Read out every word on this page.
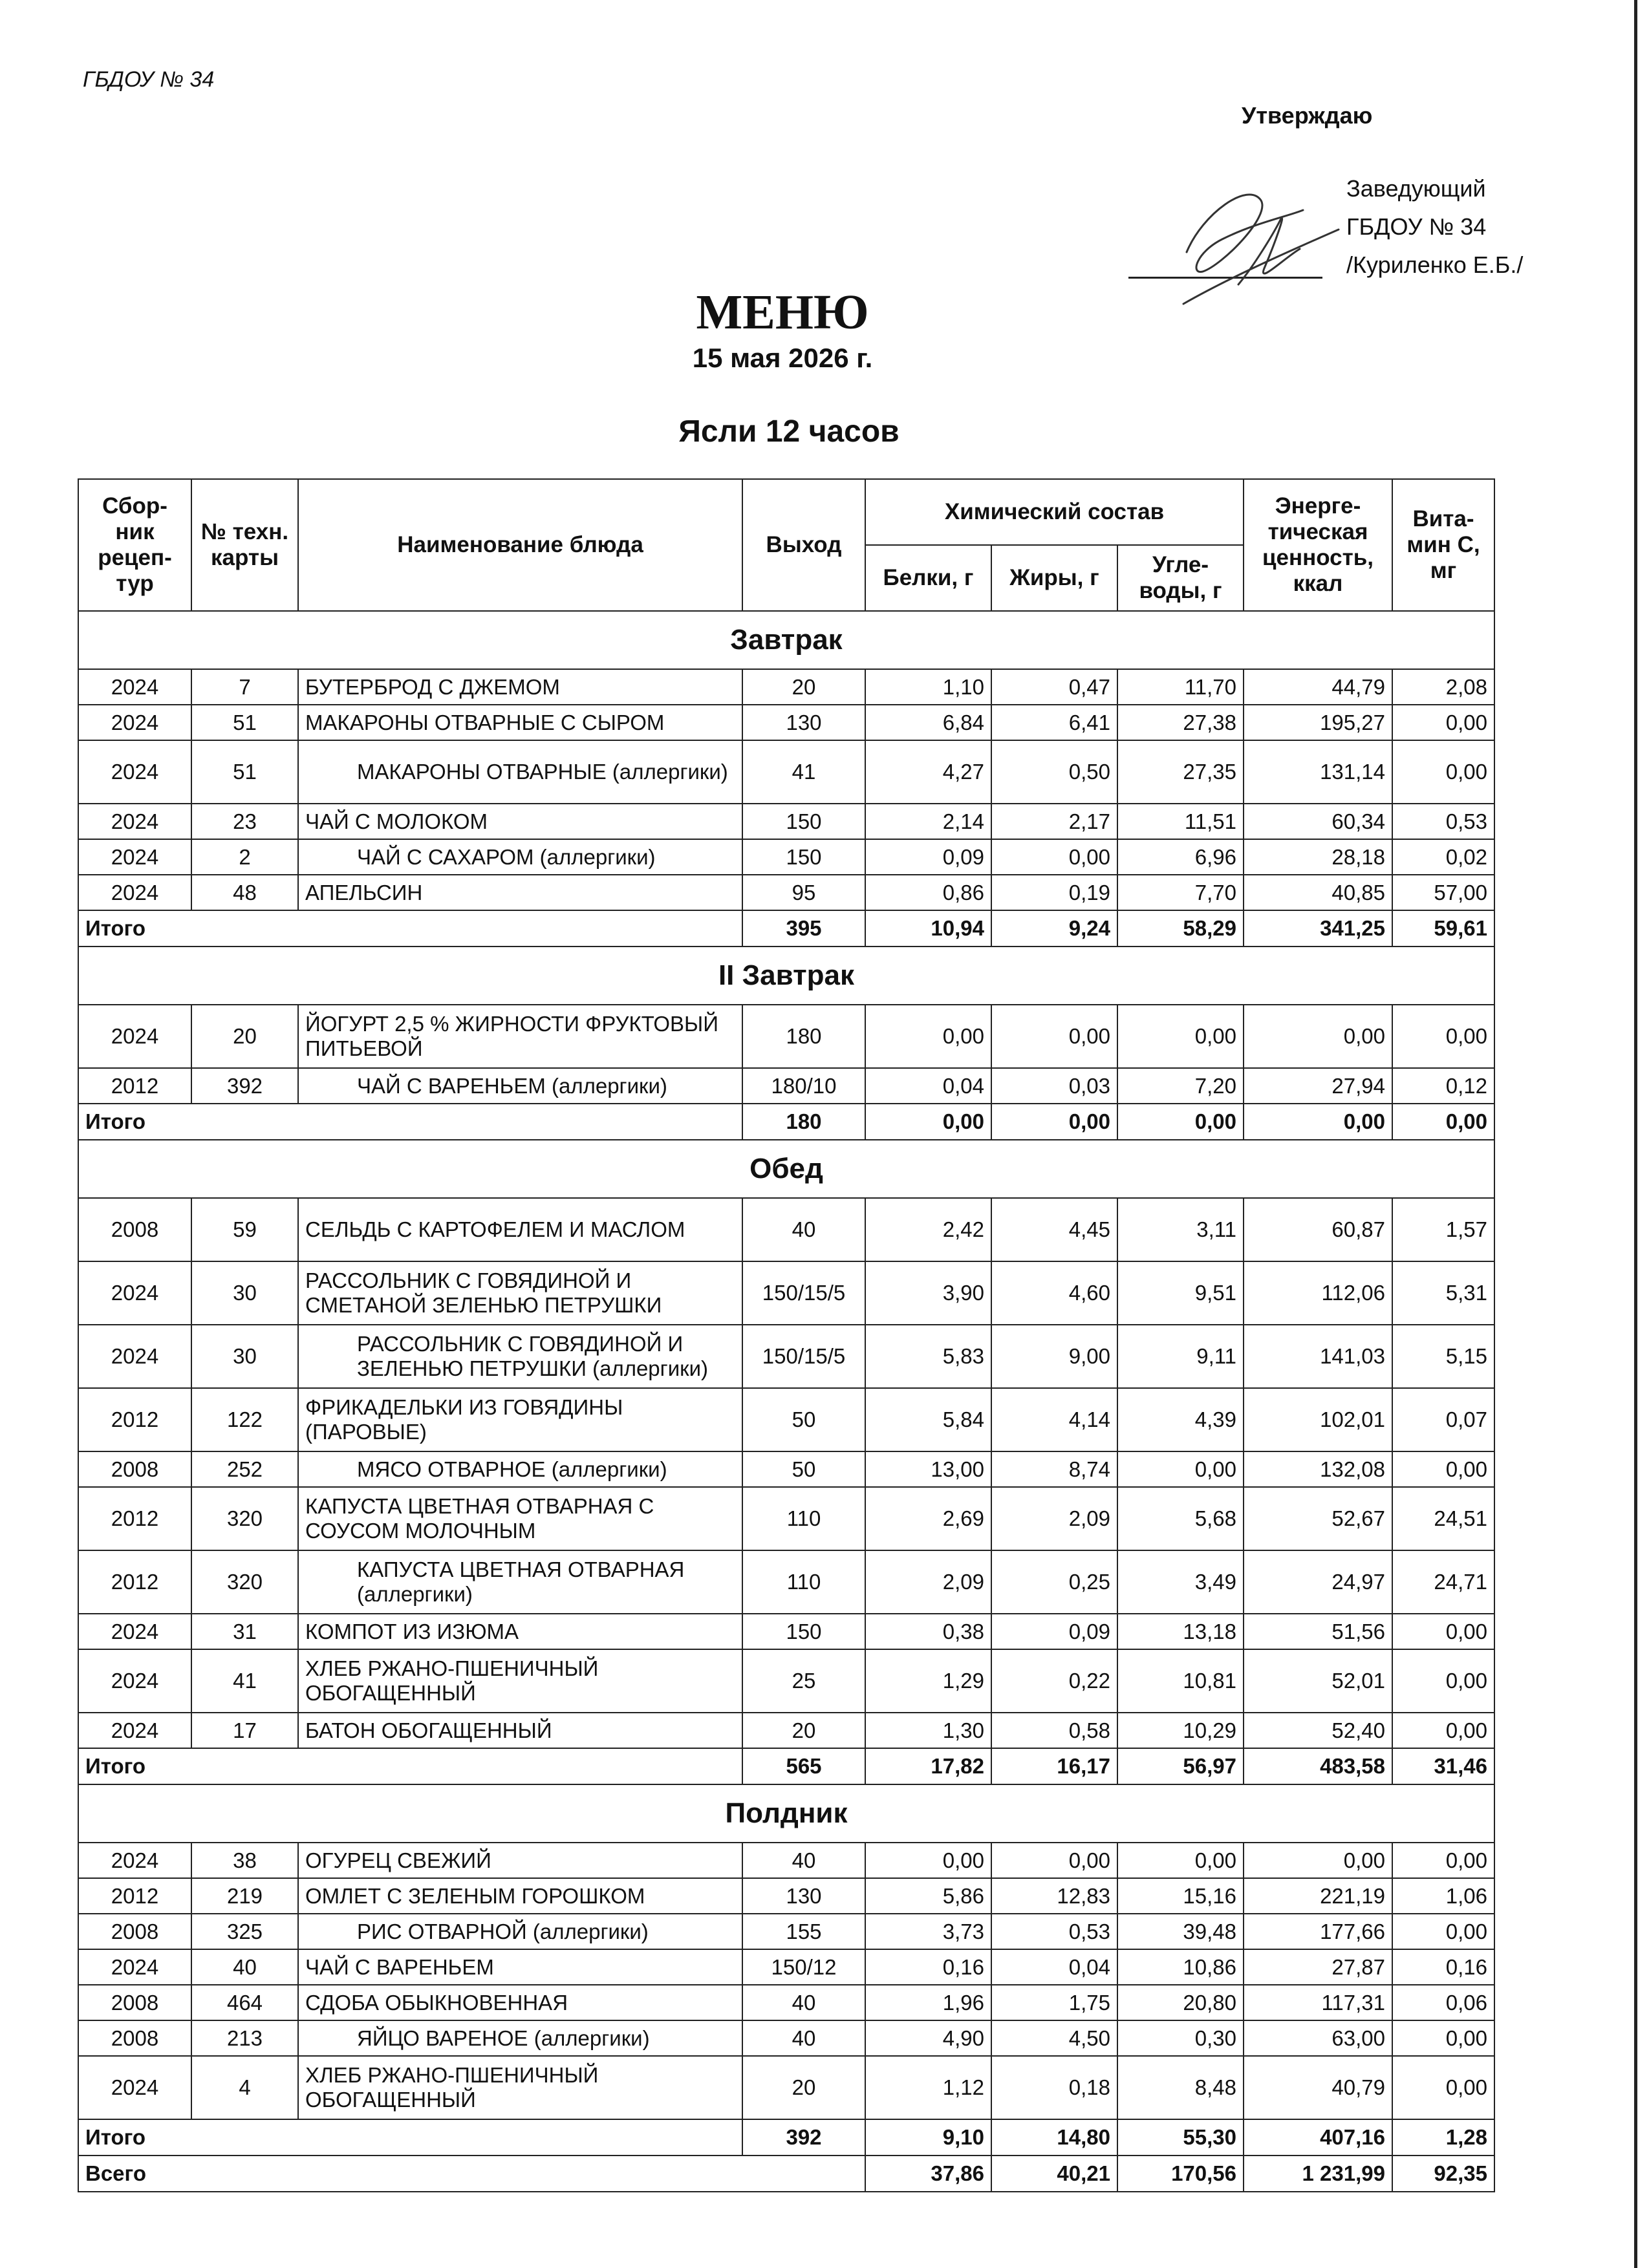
ГБДОУ № 34
Утверждаю
Заведующий
ГБДОУ № 34
/Куриленко Е.Б./
МЕНЮ
15 мая 2026 г.
Ясли 12 часов
Сбор-ник рецеп-тур	№ техн. карты	Наименование блюда	Выход	Химический состав			Энерге-тическая ценность, ккал	Вита-мин С, мг
				Белки, г	Жиры, г	Угле-воды, г		
Завтрак								
2024	7	БУТЕРБРОД С ДЖЕМОМ	20	1,10	0,47	11,70	44,79	2,08
2024	51	МАКАРОНЫ ОТВАРНЫЕ С СЫРОМ	130	6,84	6,41	27,38	195,27	0,00
2024	51	МАКАРОНЫ ОТВАРНЫЕ (аллергики)	41	4,27	0,50	27,35	131,14	0,00
2024	23	ЧАЙ С МОЛОКОМ	150	2,14	2,17	11,51	60,34	0,53
2024	2	ЧАЙ С САХАРОМ (аллергики)	150	0,09	0,00	6,96	28,18	0,02
2024	48	АПЕЛЬСИН	95	0,86	0,19	7,70	40,85	57,00
Итого			395	10,94	9,24	58,29	341,25	59,61
II Завтрак								
2024	20	ЙОГУРТ 2,5 % ЖИРНОСТИ ФРУКТОВЫЙ ПИТЬЕВОЙ	180	0,00	0,00	0,00	0,00	0,00
2012	392	ЧАЙ С ВАРЕНЬЕМ (аллергики)	180/10	0,04	0,03	7,20	27,94	0,12
Итого			180	0,00	0,00	0,00	0,00	0,00
Обед								
2008	59	СЕЛЬДЬ С КАРТОФЕЛЕМ И МАСЛОМ	40	2,42	4,45	3,11	60,87	1,57
2024	30	РАССОЛЬНИК С ГОВЯДИНОЙ И СМЕТАНОЙ ЗЕЛЕНЬЮ ПЕТРУШКИ	150/15/5	3,90	4,60	9,51	112,06	5,31
2024	30	РАССОЛЬНИК С ГОВЯДИНОЙ И ЗЕЛЕНЬЮ ПЕТРУШКИ (аллергики)	150/15/5	5,83	9,00	9,11	141,03	5,15
2012	122	ФРИКАДЕЛЬКИ ИЗ ГОВЯДИНЫ (ПАРОВЫЕ)	50	5,84	4,14	4,39	102,01	0,07
2008	252	МЯСО ОТВАРНОЕ (аллергики)	50	13,00	8,74	0,00	132,08	0,00
2012	320	КАПУСТА ЦВЕТНАЯ ОТВАРНАЯ С СОУСОМ МОЛОЧНЫМ	110	2,69	2,09	5,68	52,67	24,51
2012	320	КАПУСТА ЦВЕТНАЯ ОТВАРНАЯ (аллергики)	110	2,09	0,25	3,49	24,97	24,71
2024	31	КОМПОТ ИЗ ИЗЮМА	150	0,38	0,09	13,18	51,56	0,00
2024	41	ХЛЕБ РЖАНО-ПШЕНИЧНЫЙ ОБОГАЩЕННЫЙ	25	1,29	0,22	10,81	52,01	0,00
2024	17	БАТОН ОБОГАЩЕННЫЙ	20	1,30	0,58	10,29	52,40	0,00
Итого			565	17,82	16,17	56,97	483,58	31,46
Полдник								
2024	38	ОГУРЕЦ СВЕЖИЙ	40	0,00	0,00	0,00	0,00	0,00
2012	219	ОМЛЕТ С ЗЕЛЕНЫМ ГОРОШКОМ	130	5,86	12,83	15,16	221,19	1,06
2008	325	РИС ОТВАРНОЙ (аллергики)	155	3,73	0,53	39,48	177,66	0,00
2024	40	ЧАЙ С ВАРЕНЬЕМ	150/12	0,16	0,04	10,86	27,87	0,16
2008	464	СДОБА ОБЫКНОВЕННАЯ	40	1,96	1,75	20,80	117,31	0,06
2008	213	ЯЙЦО ВАРЕНОЕ (аллергики)	40	4,90	4,50	0,30	63,00	0,00
2024	4	ХЛЕБ РЖАНО-ПШЕНИЧНЫЙ ОБОГАЩЕННЫЙ	20	1,12	0,18	8,48	40,79	0,00
Итого			392	9,10	14,80	55,30	407,16	1,28
Всего				37,86	40,21	170,56	1 231,99	92,35
